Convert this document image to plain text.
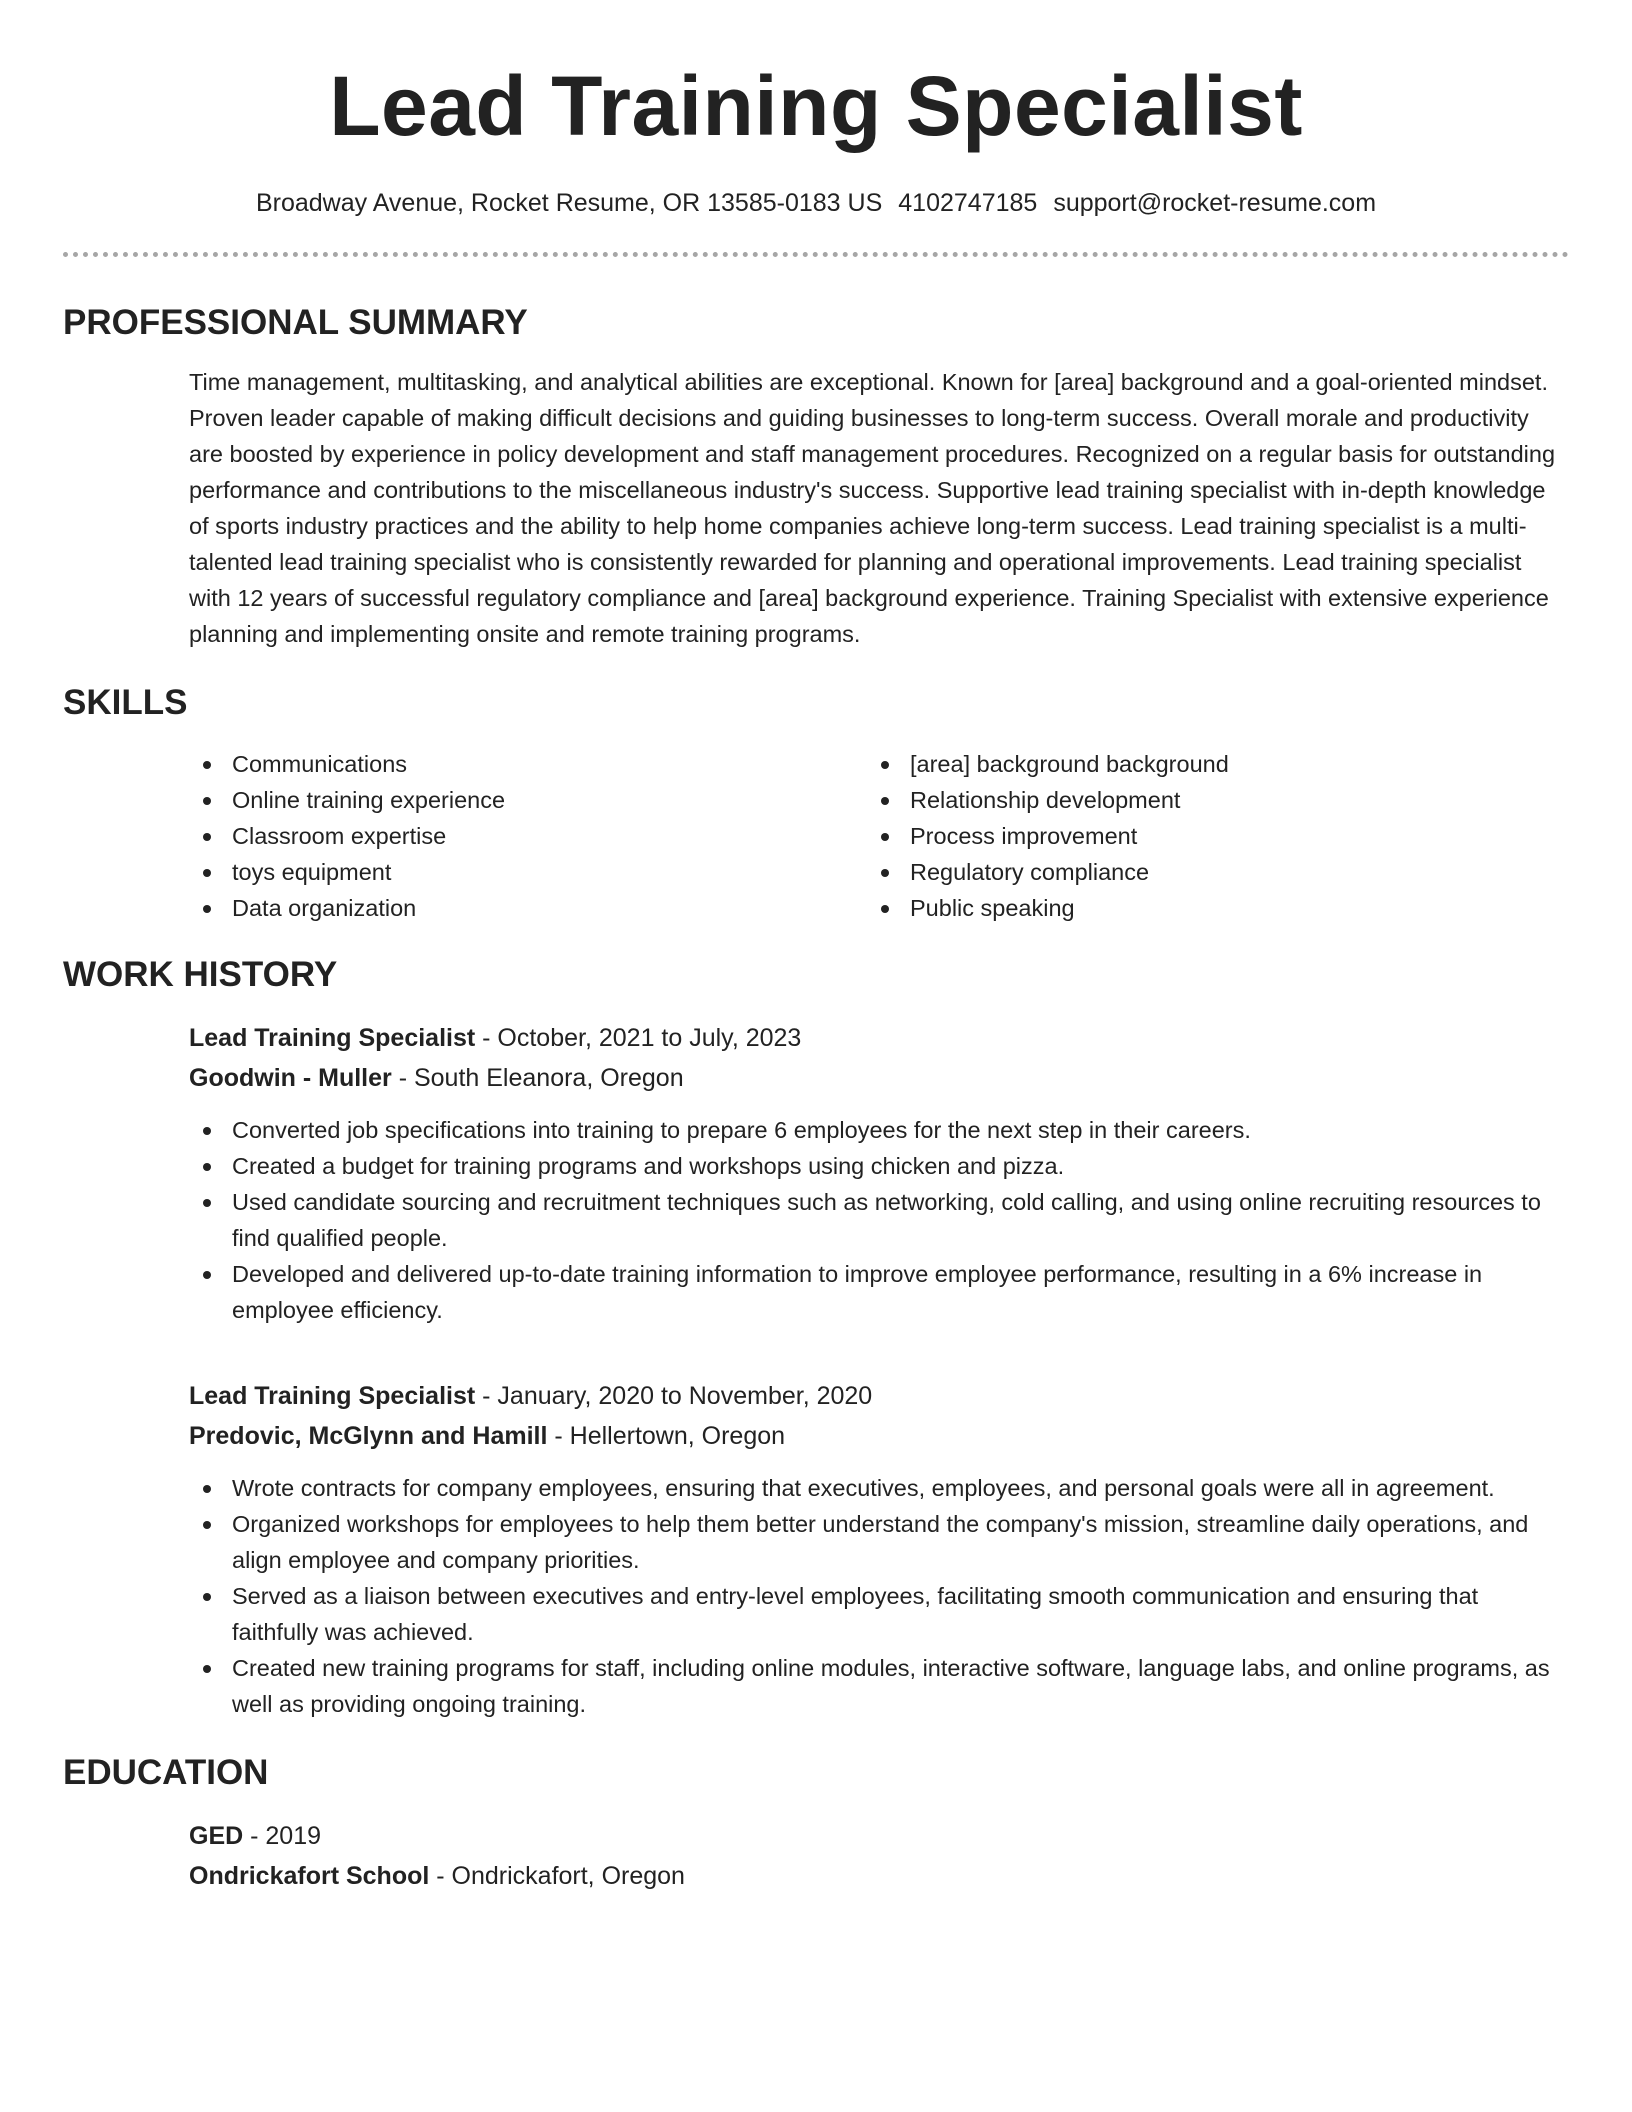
Lead Training Specialist
Broadway Avenue, Rocket Resume, OR 13585-0183 US 4102747185 support@rocket-resume.com
PROFESSIONAL SUMMARY

Time management, multitasking, and analytical abilities are exceptional. Known for [area] background and a goal-oriented mindset. Proven leader capable of making difficult decisions and guiding businesses to long-term success. Overall morale and productivity are boosted by experience in policy development and staff management procedures. Recognized on a regular basis for outstanding performance and contributions to the miscellaneous industry's success. Supportive lead training specialist with in-depth knowledge of sports industry practices and the ability to help home companies achieve long-term success. Lead training specialist is a multi-talented lead training specialist who is consistently rewarded for planning and operational improvements. Lead training specialist with 12 years of successful regulatory compliance and [area] background experience. Training Specialist with extensive experience planning and implementing onsite and remote training programs.

SKILLS
Communications
Online training experience
Classroom expertise
toys equipment
Data organization
[area] background background
Relationship development
Process improvement
Regulatory compliance
Public speaking
WORK HISTORY
Lead Training Specialist - October, 2021 to July, 2023
Goodwin - Muller - South Eleanora, Oregon
Converted job specifications into training to prepare 6 employees for the next step in their careers.
Created a budget for training programs and workshops using chicken and pizza.
Used candidate sourcing and recruitment techniques such as networking, cold calling, and using online recruiting resources to find qualified people.
Developed and delivered up-to-date training information to improve employee performance, resulting in a 6% increase in employee efficiency.
Lead Training Specialist - January, 2020 to November, 2020
Predovic, McGlynn and Hamill - Hellertown, Oregon
Wrote contracts for company employees, ensuring that executives, employees, and personal goals were all in agreement.
Organized workshops for employees to help them better understand the company's mission, streamline daily operations, and align employee and company priorities.
Served as a liaison between executives and entry-level employees, facilitating smooth communication and ensuring that faithfully was achieved.
Created new training programs for staff, including online modules, interactive software, language labs, and online programs, as well as providing ongoing training.
EDUCATION
GED - 2019
Ondrickafort School - Ondrickafort, Oregon
